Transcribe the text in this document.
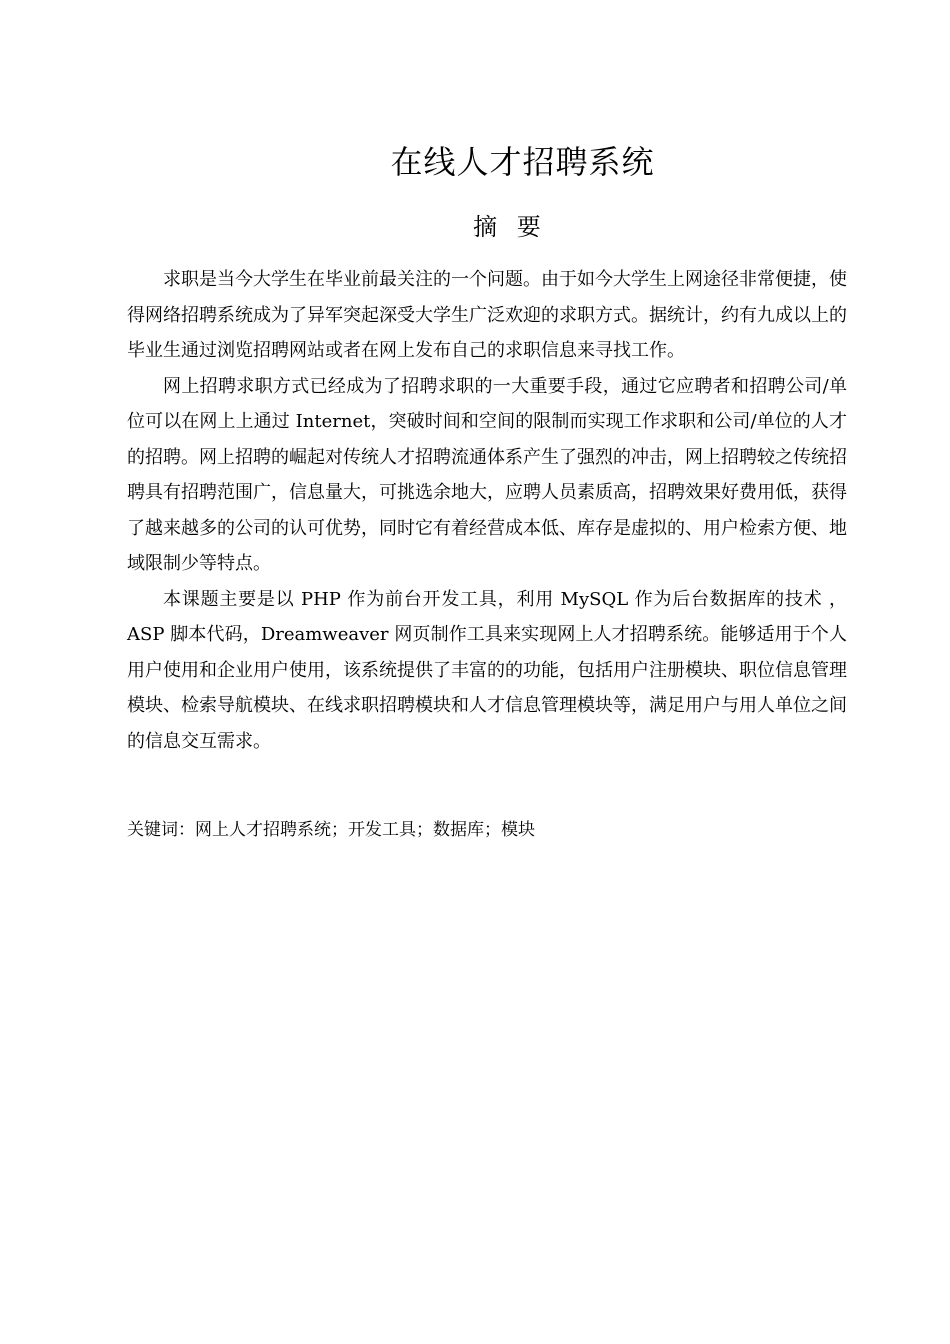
在线人才招聘系统
摘 要

求职是当今大学生在毕业前最关注的一个问题。由于如今大学生上网途径非常便捷，使得网络招聘系统成为了异军突起深受大学生广泛欢迎的求职方式。据统计，约有九成以上的毕业生通过浏览招聘网站或者在网上发布自己的求职信息来寻找工作。

网上招聘求职方式已经成为了招聘求职的一大重要手段，通过它应聘者和招聘公司/单位可以在网上上通过 Internet，突破时间和空间的限制而实现工作求职和公司/单位的人才的招聘。网上招聘的崛起对传统人才招聘流通体系产生了强烈的冲击，网上招聘较之传统招聘具有招聘范围广，信息量大，可挑选余地大，应聘人员素质高，招聘效果好费用低，获得了越来越多的公司的认可优势，同时它有着经营成本低、库存是虚拟的、用户检索方便、地域限制少等特点。

本课题主要是以 PHP 作为前台开发工具，利用 MySQL 作为后台数据库的技术 ，ASP 脚本代码，Dreamweaver 网页制作工具来实现网上人才招聘系统。能够适用于个人用户使用和企业用户使用，该系统提供了丰富的的功能，包括用户注册模块、职位信息管理模块、检索导航模块、在线求职招聘模块和人才信息管理模块等，满足用户与用人单位之间的信息交互需求。

关键词：网上人才招聘系统；开发工具；数据库；模块
